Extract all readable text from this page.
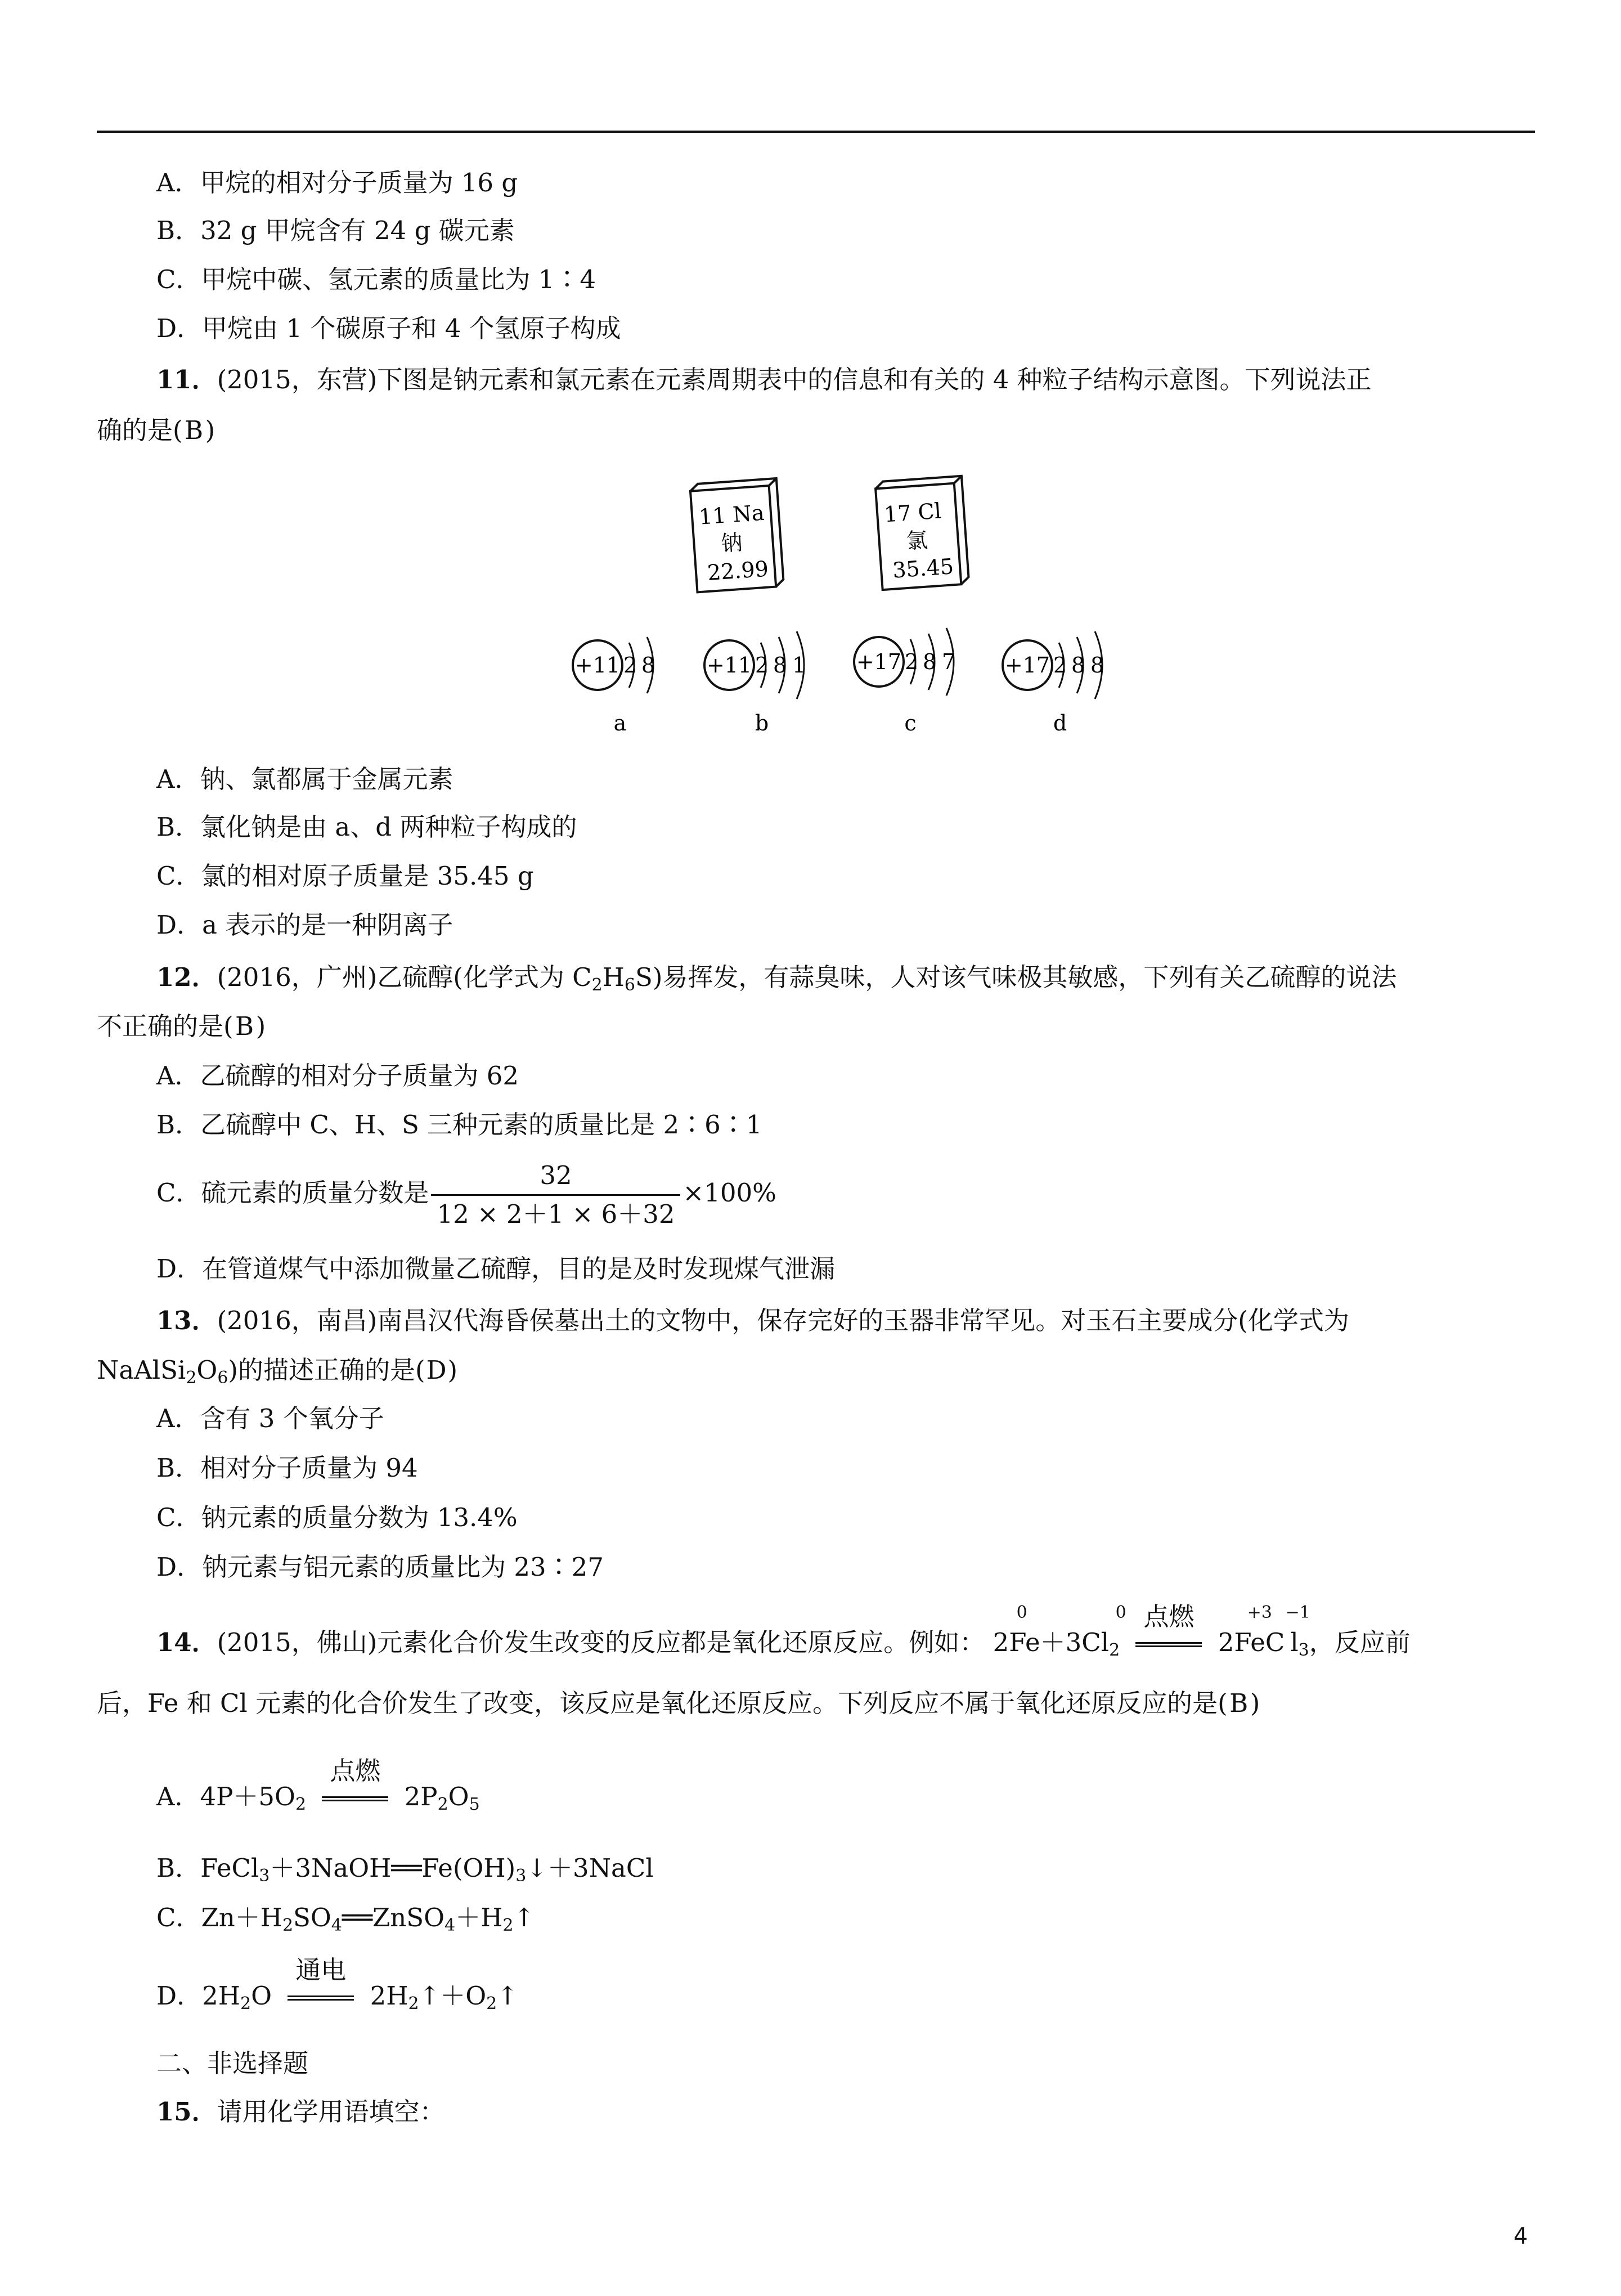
A．甲烷的相对分子质量为 16 g
B．32 g 甲烷含有 24 g 碳元素
C．甲烷中碳、氢元素的质量比为 1∶4
D．甲烷由 1 个碳原子和 4 个氢原子构成
11．(2015，东营)下图是钠元素和氯元素在元素周期表中的信息和有关的 4 种粒子结构示意图。下列说法正
确的是(B)
11 Na
钠
22.99
17 Cl
氯
35.45
+11 2 8
a
+11 2 8 1
b
+17 2 8 7
c
+17 2 8 8
d
A．钠、氯都属于金属元素
B．氯化钠是由 a、d 两种粒子构成的
C．氯的相对原子质量是 35.45 g
D．a 表示的是一种阴离子
12．(2016，广州)乙硫醇(化学式为 $C_2H_6S$)易挥发，有蒜臭味，人对该气味极其敏感，下列有关乙硫醇的说法
不正确的是(B)
A．乙硫醇的相对分子质量为 62
B．乙硫醇中 C、H、S 三种元素的质量比是 2∶6∶1
C．硫元素的质量分数是 $\frac{32}{12 \times 2+1 \times 6+32} \times 100\%$
D．在管道煤气中添加微量乙硫醇，目的是及时发现煤气泄漏
13．(2016，南昌)南昌汉代海昏侯墓出土的文物中，保存完好的玉器非常罕见。对玉石主要成分(化学式为
$NaAlSi_2O_6$)的描述正确的是(D)
A．含有 3 个氧分子
B．相对分子质量为 94
C．钠元素的质量分数为 13.4%
D．钠元素与铝元素的质量比为 23∶27
14．(2015，佛山)元素化合价发生改变的反应都是氧化还原反应。例如：
0
$2Fe+3Cl_2$
0 点燃
	+3 −1
2FeC $l_3$，反应前
后，Fe 和 Cl 元素的化合价发生了改变，该反应是氧化还原反应。下列反应不属于氧化还原反应的是(B)
A．$4P+5O_2$
点燃
$2P_2O_5$
B．$FeCl_3+3NaOH══Fe(OH)_3↓+3NaCl$
C．$Zn+H_2SO_4══ZnSO_4+H_2↑$
D．$2H_2O$
通电
$2H_2↑+O_2↑$
二、非选择题
15．请用化学用语填空：
4
